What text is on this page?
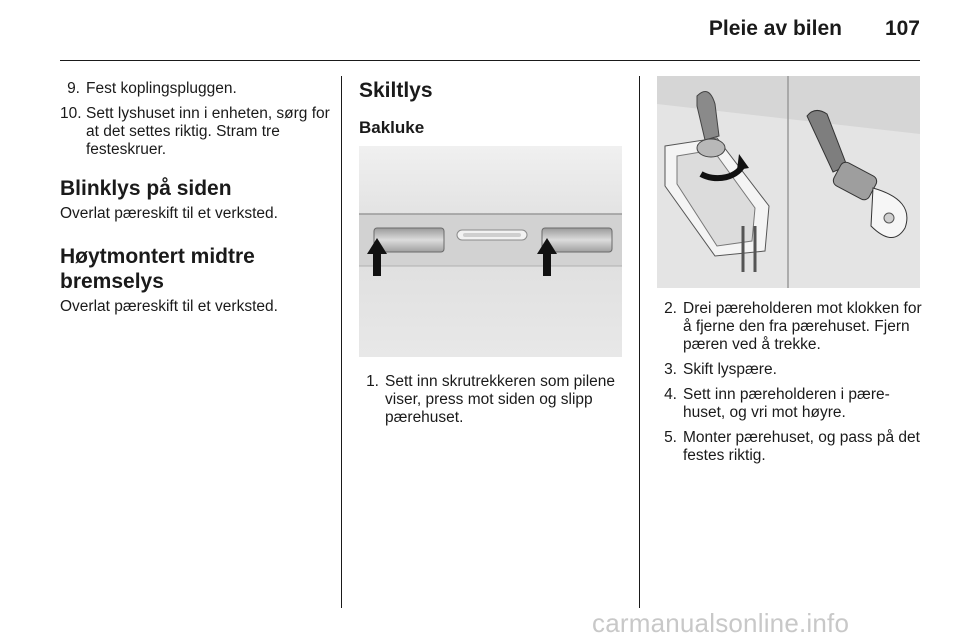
Pleie av bilen 107
9. Fest koplingspluggen.
10. Sett lyshuset inn i enheten, sørg for at det settes riktig. Stram tre festeskruer.
Blinklys på siden
Overlat pæreskift til et verksted.
Høytmontert midtre bremselys
Overlat pæreskift til et verksted.
Skiltlys
Bakluke
1. Sett inn skrutrekkeren som pilene viser, press mot siden og slipp pærehuset.
2. Drei pæreholderen mot klokken for å fjerne den fra pærehuset. Fjern pæren ved å trekke.
3. Skift lyspære.
4. Sett inn pæreholderen i pære-huset, og vri mot høyre.
5. Monter pærehuset, og pass på det festes riktig.
carmanualsonline.info
